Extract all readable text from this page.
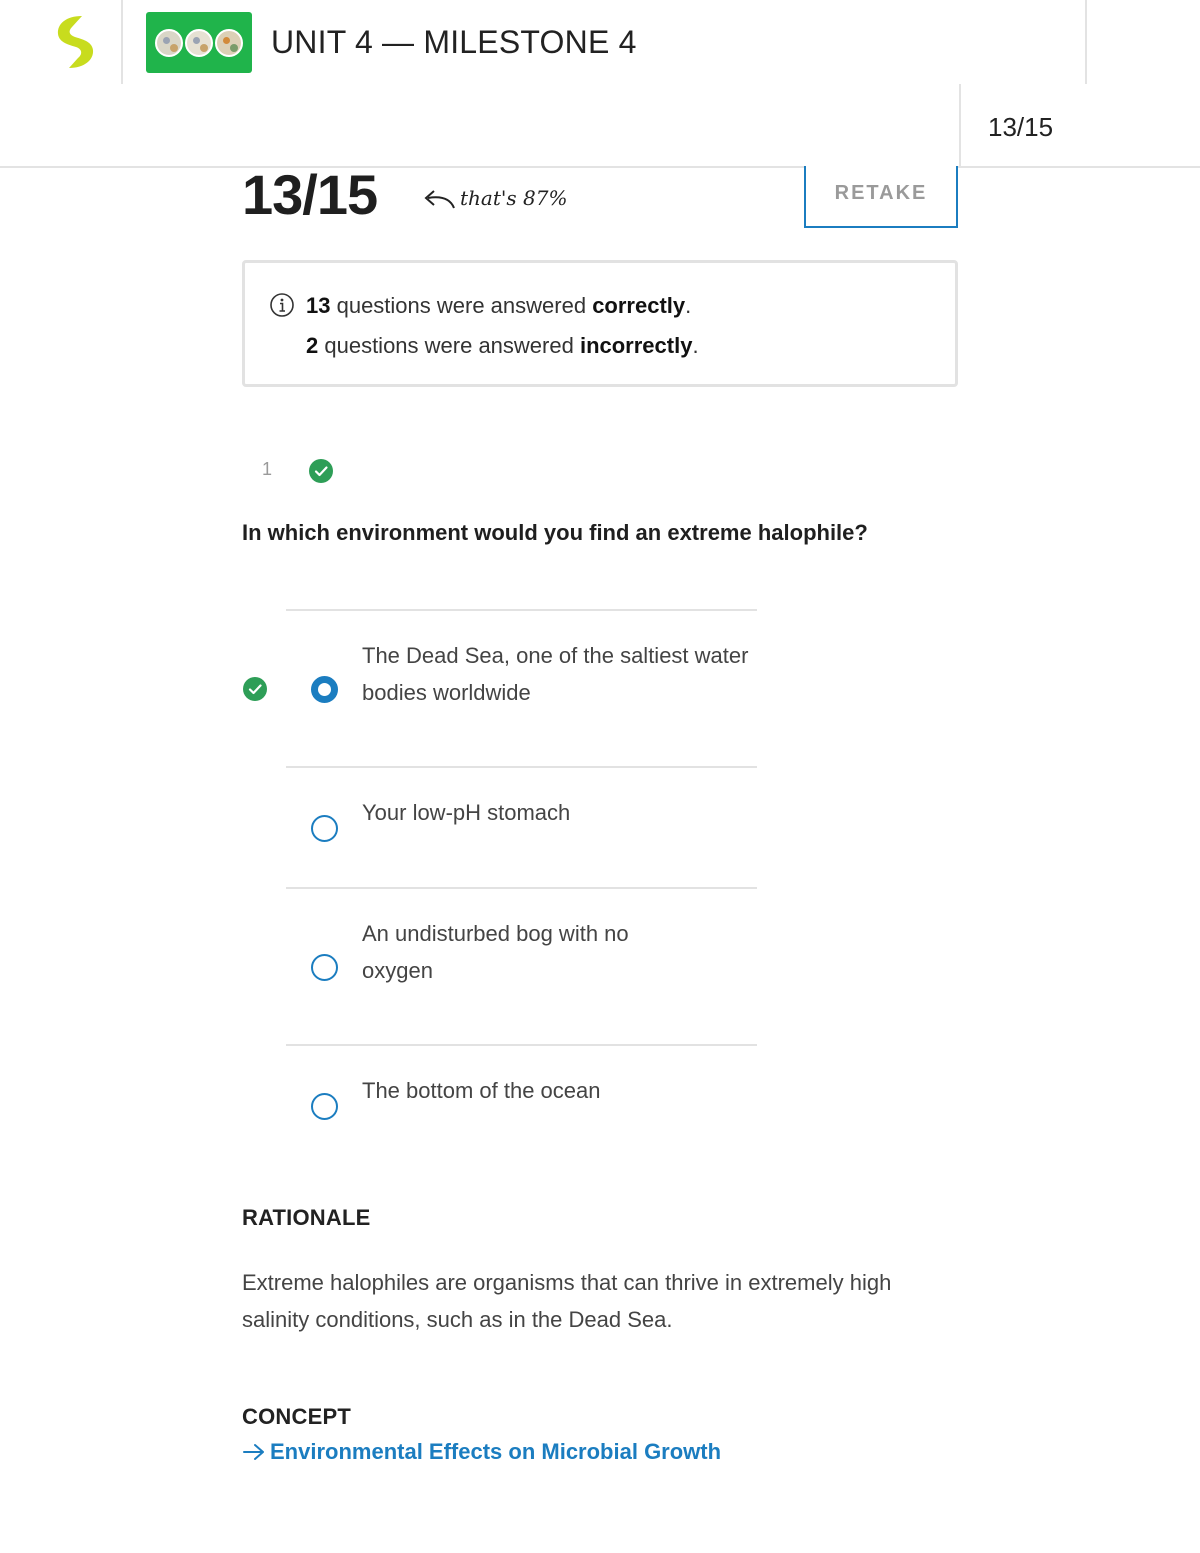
UNIT 4 — MILESTONE 4
13/15
13/15	that's 87%	RETAKE
13 questions were answered correctly.
2 questions were answered incorrectly.
1
In which environment would you find an extreme halophile?
The Dead Sea, one of the saltiest water bodies worldwide
Your low-pH stomach
An undisturbed bog with no oxygen
The bottom of the ocean
RATIONALE
Extreme halophiles are organisms that can thrive in extremely high salinity conditions, such as in the Dead Sea.
CONCEPT
Environmental Effects on Microbial Growth
